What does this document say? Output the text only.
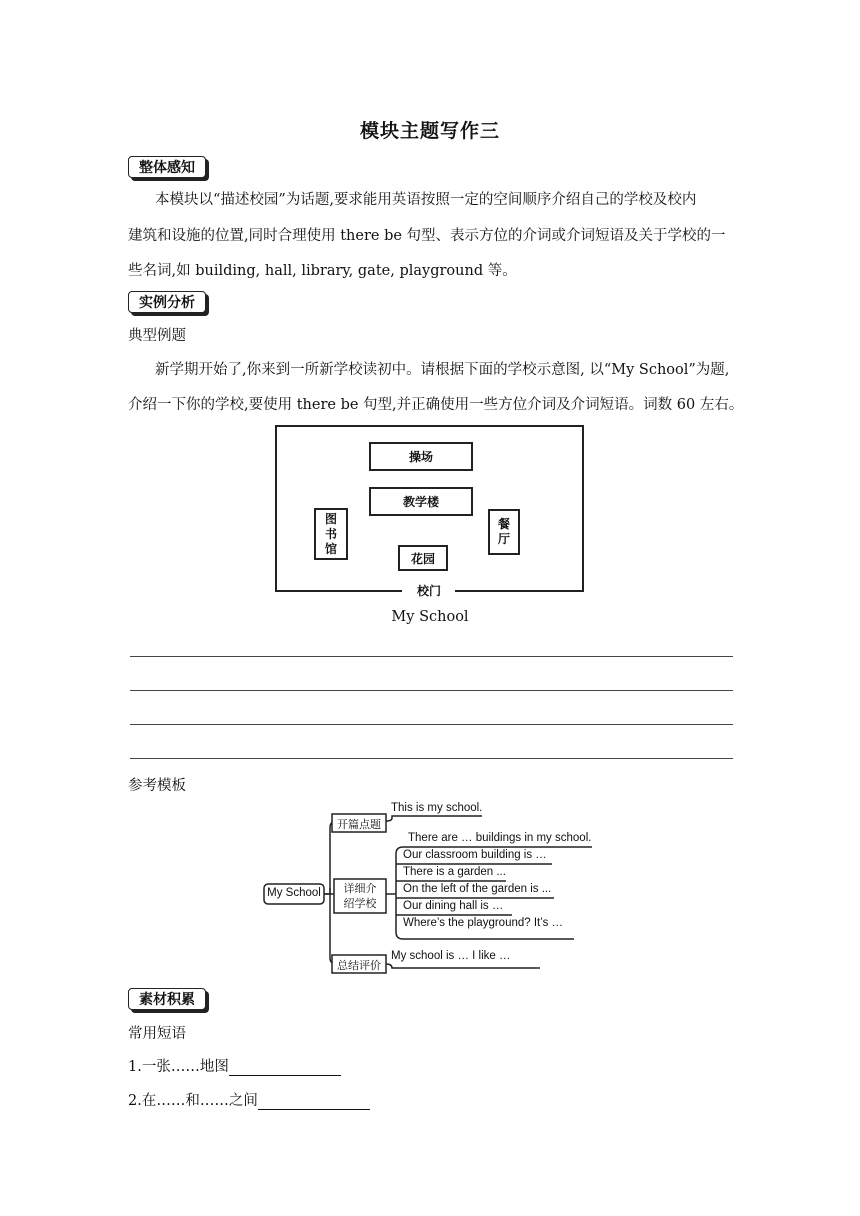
模块主题写作三
整体感知
本模块以“描述校园”为话题,要求能用英语按照一定的空间顺序介绍自己的学校及校内
建筑和设施的位置,同时合理使用 there be 句型、表示方位的介词或介词短语及关于学校的一
些名词,如 building, hall, library, gate, playground 等。
实例分析
典型例题
新学期开始了,你来到一所新学校读初中。请根据下面的学校示意图, 以“My School”为题,
介绍一下你的学校,要使用 there be 句型,并正确使用一些方位介词及介词短语。词数 60 左右。
操场
教学楼
图
书
馆
餐
厅
花园
校门
My School
参考模板
My School
开篇点题
This is my school.
详细介
绍学校
There are … buildings in my school.
Our classroom building is …
There is a garden ...
On the left of the garden is ...
Our dining hall is …
Where’s the playground? It’s …
总结评价
My school is … I like …
素材积累
常用短语
1.一张……地图
2.在……和……之间
